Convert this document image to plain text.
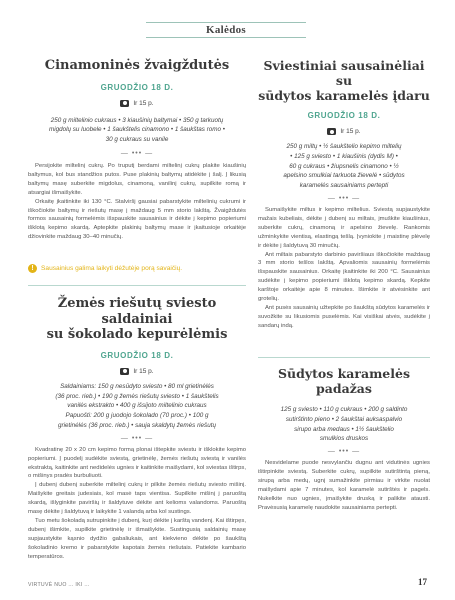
Kalėdos
Cinamoninės žvaigždutės
GRUODŽIO 18 D.
Ir 15 p.
250 g miltelinio cukraus • 3 kiaušinių baltymai • 350 g tarkuotų
migdolų su luobele • 1 šaukštelis cinamono • 1 šaukštas romo •
30 g cukraus su vanile
— ••• —

Persijokite miltelinį cukrų. Po truputį berdami miltelinį cukrų plakite kiaušinių baltymus, kol bus standžios putos. Puse plakinių baltymų atidėkite į šalį. Į likusią baltymų masę suberkite migdolus, cinamoną, vanilinį cukrų, supilkite romą ir atsargiai išmaišykite.

Orkaitę įkaitinkite iki 130 °C. Stalviršį gausiai pabarstykite miltelinių cukrumi ir iškočiokite baltymų ir riešutų masę į maždaug 5 mm storio lakštą. Žvaigždutės formos sausainių formelėmis išspauskite sausainius ir dėkite į kepimo popieriumi išklotą kepimo skardą. Aptepkite plakinių baltymų mase ir įkaitusioje orkaitėje džiovinkite maždaug 30–40 minučių.

!	Sausainius galima laikyti dėžutėje porą savaičių.
Žemės riešutų sviesto saldainiai
su šokolado kepurėlėmis
GRUODŽIO 18 D.
Ir 15 p.
Saldainiams: 150 g nesūdyto sviesto • 80 ml grietinėlės
(36 proc. rieb.) • 190 g žemės riešutų sviesto • 1 šaukštelis
vanilės ekstrakto • 400 g išsijoto miltelinio cukraus
Papuošti: 200 g juodojo šokolado (70 proc.) • 100 g
grietinėlės (36 proc. rieb.) • sauja skaldytų žemės riešutų
— ••• —

Kvadratinę 20 x 20 cm kepimo formą plonai ištepkite sviestu ir išklokite kepimo popieriumi. Į puodelį sudėkite sviestą, grietinėlę, žemės riešutų sviestą ir vanilės ekstraktą, kaitinkite ant nedidelės ugnies ir kaitinkite maišydami, kol sviestas ištirps, o mišinys pradės burbuliuoti.

Į dubenį dubenį suberkite miltelinį cukrų ir pilkite žemės riešutų sviesto mišinį. Maišykite greitais judesiais, kol masė taps vientisa. Supilkite mišinį į paruoštą skardą, išlyginkite paviršių ir šaldytuve dėkite ant kelioms valandoms. Paruoštą masę dėkite į šaldytuvą ir laikykite 1 valandą arba kol sustings.

Tuo metu šokoladą sutrupinkite į dubenį, kurį dėkite į karštą vandenį. Kai ištirpęs, dubenį išimkite, supilkite grietinėlę ir išmaišykite. Sustingusią saldainių masę supjaustykite kąsnio dydžio gabaliukais, ant kiekvieno dėkite po šaukštą šokoladinio kremo ir pabarstykite kapotais žemės riešutais. Patiekite kambario temperatūros.

Sviestiniai sausainėliai su
sūdytos karamelės įdaru
GRUODŽIO 18 D.
Ir 15 p.
250 g miltų • ½ šaukštelio kepimo miltelių
• 125 g sviesto • 1 kiaušinis (dydis M) •
60 g cukraus • žiupsnelis cinamono • ½
apelsino smulkiai tarkuota žievelė • sūdytos
karamelės sausainiams pertepti
— ••• —

Sumaišykite miltus ir kepimo miltelius. Sviestą supjaustykite mažais kubeliais, dėkite į dubenį su miltais, įmuškite kiaušinius, suberkite cukrų, cinamoną ir apelsino žievelę. Rankomis užminkykite vientisą, elastingą tešlą. Įvyniokite į maistinę plėvelę ir dėkite į šaldytuvą 30 minučių.

Ant miltais pabarstyto darbinio paviršiaus iškočiokite maždaug 3 mm storio tešlos lakštą. Apvaliomis sausainių formelėmis išspauskite sausainius. Orkaitę įkaitinkite iki 200 °C. Sausainius sudėkite į kepimo popieriumi išklotą kepimo skardą. Kepkite karštoje orkaitėje apie 8 minutes. Išimkite ir atvėsinkite ant grotelių.

Ant pusės sausainių užtepkite po šaukštą sūdytos karamelės ir suvožkite su likusiomis puselėmis. Kai visiškai atvės, sudėkite į sandarų indą.

Sūdytos karamelės
padažas
125 g sviesto • 110 g cukraus • 200 g saldinto
sutirštinto pieno • 2 šaukštai auksaspalvio
sirupo arba medaus • 1½ šaukštelio
smulkios druskos
— ••• —

Nesvidelame puode nesvylančiu dugnu ant vidutinės ugnies ištirpinkite sviestą. Suberkite cukrų, supilkite sutirštintą pieną, sirupą arba medų, ugnį sumažinkite pirmiau ir virkite nuolat maišydami apie 7 minutes, kol karamelė sutirštės ir pagels. Nukelkite nuo ugnies, įmaišykite druską ir palikite atausti. Pravėsusią karamelę naudokite sausainiams pertepti.

VIRTUVĖ NUO ... IKI ...	17
